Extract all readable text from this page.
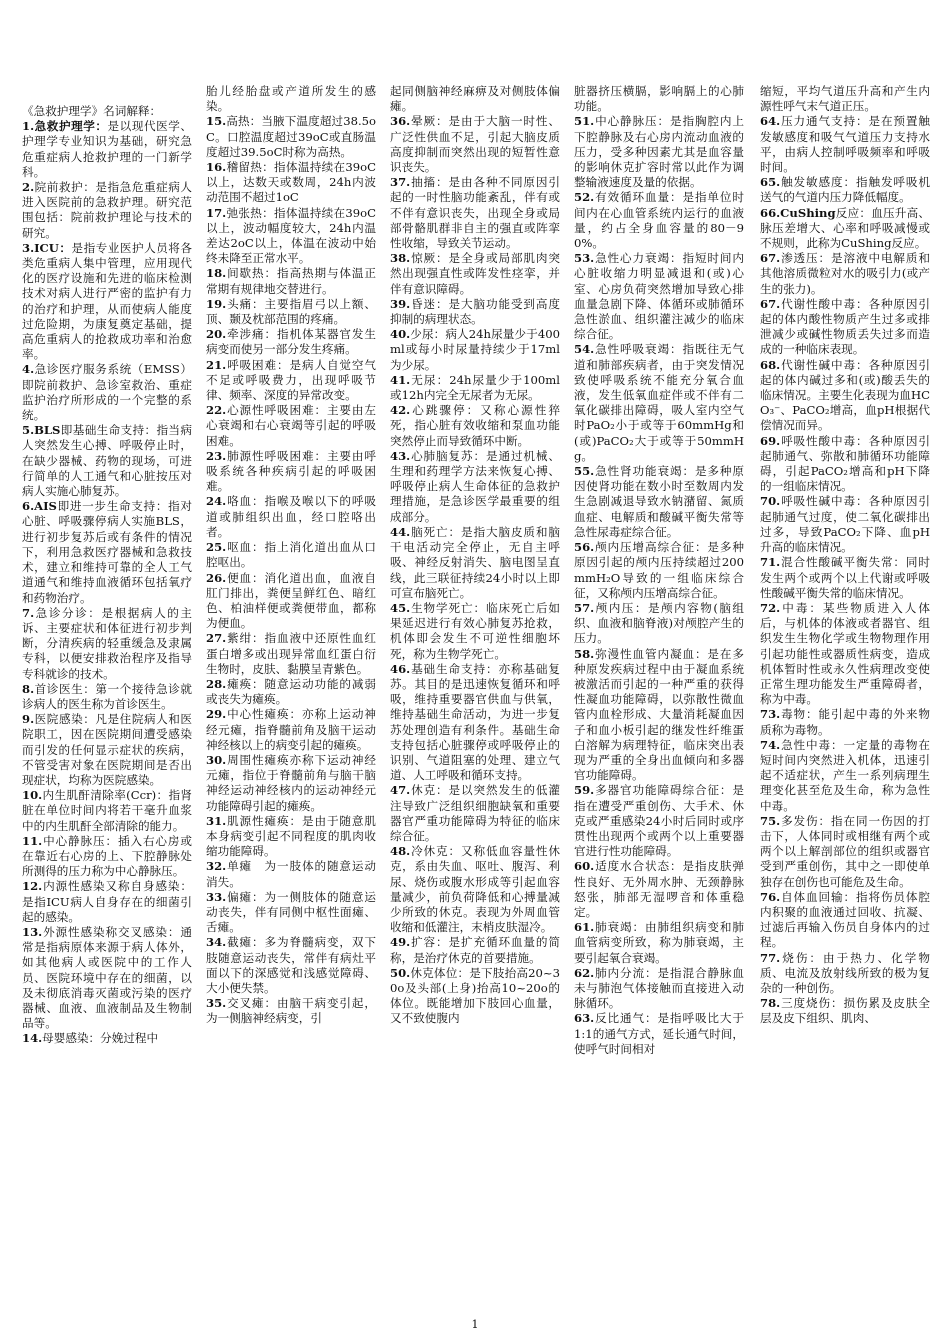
《急救护理学》名词解释：

1.急救护理学：是以现代医学、护理学专业知识为基础，研究急危重症病人抢救护理的一门新学科。

2.院前救护：是指急危重症病人进入医院前的急救护理。研究范围包括：院前救护理论与技术的研究。

3.ICU：是指专业医护人员将各类危重病人集中管理，应用现代化的医疗设施和先进的临床检测技术对病人进行严密的监护有力的治疗和护理，从而使病人能度过危险期，为康复奠定基础，提高危重病人的抢救成功率和治愈率。

4.急诊医疗服务系统（EMSS）即院前救护、急诊室救治、重症监护治疗所形成的一个完整的系统。

5.BLS即基础生命支持：指当病人突然发生心搏、呼吸停止时，在缺少器械、药物的现场，可进行简单的人工通气和心脏按压对病人实施心肺复苏。

6.AIS即进一步生命支持：指对心脏、呼吸骤停病人实施BLS，进行初步复苏后或有条件的情况下，利用急救医疗器械和急救技术，建立和维持可靠的全人工气道通气和维持血液循环包括氧疗和药物治疗。

7.急诊分诊：是根据病人的主诉、主要症状和体征进行初步判断，分清疾病的轻重缓急及隶属专科，以便安排救治程序及指导专科就诊的技术。

8.首诊医生：第一个接待急诊就诊病人的医生称为首诊医生。

9.医院感染：凡是住院病人和医院职工，因在医院期间遭受感染而引发的任何显示症状的疾病，不管受害对象在医院期间是否出现症状，均称为医院感染。

10.内生肌酐清除率(Ccr)：指肾脏在单位时间内将若干毫升血浆中的内生肌酐全部清除的能力。

11.中心静脉压：插入右心房或在靠近右心房的上、下腔静脉处所测得的压力称为中心静脉压。

12.内源性感染又称自身感染：是指ICU病人自身存在的细菌引起的感染。

13.外源性感染称交叉感染：通常是指病原体来源于病人体外，如其他病人或医院中的工作人员、医院环境中存在的细菌，以及未彻底消毒灭菌或污染的医疗器械、血液、血液制品及生物制品等。

14.母婴感染：分娩过程中

胎儿经胎盘或产道所发生的感染。

15.高热：当腋下温度超过38.5oC。口腔温度超过39oC或直肠温度超过39.5oC时称为高热。

16.稽留热：指体温持续在39oC以上，达数天或数周，24h内波动范围不超过1oC

17.弛张热：指体温持续在39oC以上，波动幅度较大，24h内温差达2oC以上，体温在波动中始终未降至正常水平。

18.间歇热：指高热期与体温正常期有规律地交替进行。

19.头痛：主要指眉弓以上额、顶、颞及枕部范围的疼痛。

20.牵涉痛：指机体某器官发生病变而使另一部分发生疼痛。

21.呼吸困难：是病人自觉空气不足或呼吸费力，出现呼吸节律、频率、深度的异常改变。

22.心源性呼吸困难：主要由左心衰竭和右心衰竭等引起的呼吸困难。

23.肺源性呼吸困难：主要由呼吸系统各种疾病引起的呼吸困难。

24.咯血：指喉及喉以下的呼吸道或肺组织出血，经口腔咯出者。

25.呕血：指上消化道出血从口腔呕出。

26.便血：消化道出血，血液自肛门排出，粪便呈鲜红色、暗红色、柏油样便或粪便带血，都称为便血。

27.紫绀：指血液中还原性血红蛋白增多或出现异常血红蛋白衍生物时，皮肤、黏膜呈青紫色。

28.瘫痪：随意运动功能的减弱或丧失为瘫痪。

29.中心性瘫痪：亦称上运动神经元瘫，指脊髓前角及脑干运动神经核以上的病变引起的瘫痪。

30.周围性瘫痪亦称下运动神经元瘫，指位于脊髓前角与脑干脑神经运动神经核内的运动神经元功能障碍引起的瘫痪。

31.肌源性瘫痪：是由于随意肌本身病变引起不同程度的肌肉收缩功能障碍。

32.单瘫　为一肢体的随意运动消失。

33.偏瘫：为一侧肢体的随意运动丧失，伴有同侧中枢性面瘫、舌瘫。

34.截瘫：多为脊髓病变，双下肢随意运动丧失，常伴有病灶平面以下的深感觉和浅感觉障碍、大小便失禁。

35.交叉瘫：由脑干病变引起，为一侧脑神经病变，引

起同侧脑神经麻痹及对侧肢体偏瘫。

36.晕厥：是由于大脑一时性、广泛性供血不足，引起大脑皮质高度抑制而突然出现的短暂性意识丧失。

37.抽搐：是由各种不同原因引起的一时性脑功能紊乱，伴有或不伴有意识丧失，出现全身或局部骨骼肌群非自主的强直或阵挛性收缩，导致关节运动。

38.惊厥：是全身或局部肌肉突然出现强直性或阵发性痉挛，并伴有意识障碍。

39.昏迷：是大脑功能受到高度抑制的病理状态。

40.少尿：病人24h尿量少于400ml或每小时尿量持续少于17ml为少尿。

41.无尿：24h尿量少于100ml或12h内完全无尿者为无尿。

42.心跳骤停：又称心源性猝死，指心脏有效收缩和泵血功能突然停止而导致循环中断。

43.心肺脑复苏：是通过机械、生理和药理学方法来恢复心搏、呼吸停止病人生命体征的急救护理措施，是急诊医学最重要的组成部分。

44.脑死亡：是指大脑皮质和脑干电活动完全停止，无自主呼吸、神经反射消失、脑电图呈直线，此三联征持续24小时以上即可宣布脑死亡。

45.生物学死亡：临床死亡后如果延迟进行有效心肺复苏抢救，机体即会发生不可逆性细胞坏死，称为生物学死亡。

46.基础生命支持：亦称基础复苏。其目的是迅速恢复循环和呼吸，维持重要器官供血与供氧，维持基础生命活动，为进一步复苏处理创造有利条件。基础生命支持包括心脏骤停或呼吸停止的识别、气道阻塞的处理、建立气道、人工呼吸和循环支持。

47.休克：是以突然发生的低灌注导致广泛组织细胞缺氧和重要器官严重功能障碍为特征的临床综合征。

48.冷休克：又称低血容量性休克，系由失血、呕吐、腹泻、利尿、烧伤或腹水形成等引起血容量减少，前负荷降低和心搏量减少所致的休克。表现为外周血管收缩和低灌注，末梢皮肤湿冷。

49.扩容：是扩充循环血量的简称，是治疗休克的首要措施。

50.休克体位：是下肢抬高20~30o及头部(上身)抬高10~20o的体位。既能增加下肢回心血量，又不致使腹内

脏器挤压横膈，影响膈上的心肺功能。

51.中心静脉压：是指胸腔内上下腔静脉及右心房内流动血液的压力，受多种因素尤其是血容量的影响休克扩容时常以此作为调整输液速度及量的依据。

52.有效循环血量：是指单位时间内在心血管系统内运行的血液量，约占全身血容量的80－90%。

53.急性心力衰竭：指短时间内心脏收缩力明显减退和(或)心室、心房负荷突然增加导致心排血量急剧下降、体循环或肺循环急性淤血、组织灌注减少的临床综合征。

54.急性呼吸衰竭：指既往无气道和肺部疾病者，由于突发情况致使呼吸系统不能充分氧合血液，发生低氧血症伴或不伴有二氧化碳排出障碍，吸人室内空气时PaO₂小于或等于60mmHg和(或)PaCO₂大于或等于50mmHg。

55.急性肾功能衰竭：是多种原因使肾功能在数小时至数周内发生急剧减退导致水钠潴留、氮质血症、电解质和酸碱平衡失常等急性尿毒症综合征。

56.颅内压增高综合征：是多种原因引起的颅内压持续超过200mmH₂O导致的一组临床综合征，又称颅内压增高综合征。

57.颅内压：是颅内容物(脑组织、血液和脑脊液)对颅腔产生的压力。

58.弥漫性血管内凝血：是在多种原发疾病过程中由于凝血系统被激活而引起的一种严重的获得性凝血功能障碍，以弥散性微血管内血栓形成、大量消耗凝血因子和血小板引起的继发性纤维蛋白溶解为病理特征，临床突出表现为严重的全身出血倾向和多器官功能障碍。

59.多器官功能障碍综合征：是指在遭受严重创伤、大手术、休克或严重感染24小时后同时或序贯性出现两个或两个以上重要器官进行性功能障碍。

60.适度水合状态：是指皮肤弹性良好、无外周水肿、无颈静脉怒张，肺部无湿啰音和体重稳定。

61.肺衰竭：由肺组织病变和肺血管病变所致，称为肺衰竭，主要引起氧合衰竭。

62.肺内分流：是指混合静脉血未与肺泡气体接触而直接进入动脉循环。

63.反比通气：是指呼吸比大于1:1的通气方式，延长通气时间，使呼气时间相对

缩短，平均气道压升高和产生内源性呼气末气道正压。

64.压力通气支持：是在预置触发敏感度和吸气气道压力支持水平，由病人控制呼吸频率和呼吸时间。

65.触发敏感度：指触发呼吸机送气的气道内压力降低幅度。

66.CuShing反应：血压升高、脉压差增大、心率和呼吸减慢或不规则，此称为CuShing反应。

67.渗透压：是溶液中电解质和其他溶质微粒对水的吸引力(或产生的张力)。

67.代谢性酸中毒：各种原因引起的体内酸性物质产生过多或排泄减少或碱性物质丢失过多而造成的一种临床表现。

68.代谢性碱中毒：各种原因引起的体内碱过多和(或)酸丢失的临床情况。主要生化表现为血HCO₃⁻、PaCO₂增高，血pH根据代偿情况而异。

69.呼吸性酸中毒：各种原因引起肺通气、弥散和肺循环功能障碍，引起PaCO₂增高和pH下降的一组临床情况。

70.呼吸性碱中毒：各种原因引起肺通气过度，使二氧化碳排出过多，导致PaCO₂下降、血pH升高的临床情况。

71.混合性酸碱平衡失常：同时发生两个或两个以上代谢或呼吸性酸碱平衡失常的临床情况。

72.中毒：某些物质进入人体后，与机体的体液或者器官、组织发生生物化学或生物物理作用引起功能性或器质性病变，造成机体暂时性或永久性病理改变使正常生理功能发生严重障碍者，称为中毒。

73.毒物：能引起中毒的外来物质称为毒物。

74.急性中毒：一定量的毒物在短时间内突然进入机体，迅速引起不适症状，产生一系列病理生理变化甚至危及生命，称为急性中毒。

75.多发伤：指在同一伤因的打击下，人体同时或相继有两个或两个以上解剖部位的组织或器官受到严重创伤，其中之一即使单独存在创伤也可能危及生命。

76.自体血回输：指将伤员体腔内积聚的血液通过回收、抗凝、过滤后再输入伤员自身体内的过程。

77.烧伤：由于热力、化学物质、电流及放射线所致的极为复杂的一种创伤。

78.三度烧伤：损伤累及皮肤全层及皮下组织、肌肉、

1
